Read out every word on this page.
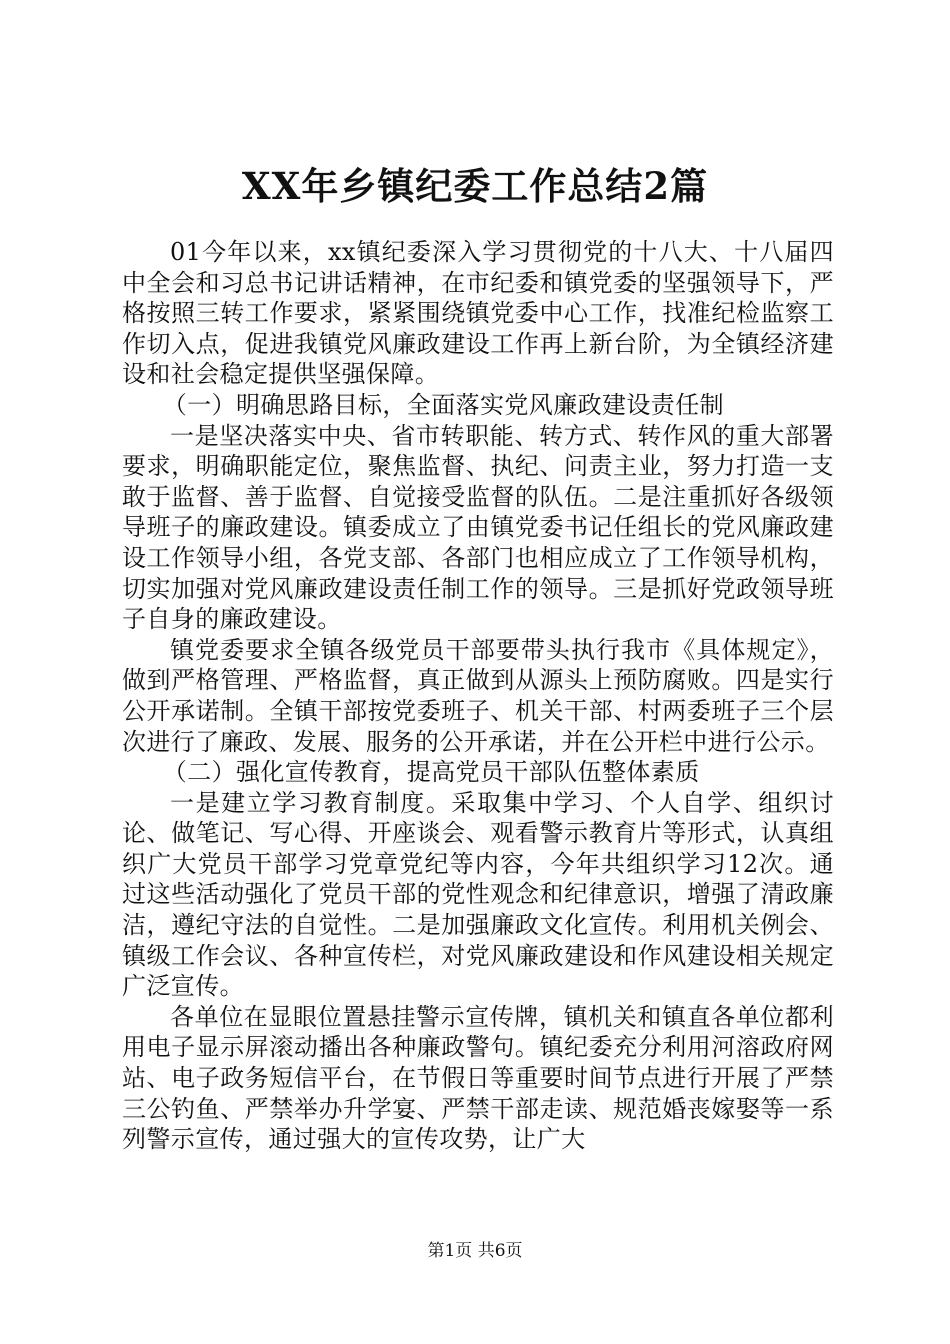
XX年乡镇纪委工作总结2篇

01今年以来，xx镇纪委深入学习贯彻党的十八大、十八届四中全会和习总书记讲话精神，在市纪委和镇党委的坚强领导下，严格按照三转工作要求，紧紧围绕镇党委中心工作，找准纪检监察工作切入点，促进我镇党风廉政建设工作再上新台阶，为全镇经济建设和社会稳定提供坚强保障。

（一）明确思路目标，全面落实党风廉政建设责任制

一是坚决落实中央、省市转职能、转方式、转作风的重大部署要求，明确职能定位，聚焦监督、执纪、问责主业，努力打造一支敢于监督、善于监督、自觉接受监督的队伍。二是注重抓好各级领导班子的廉政建设。镇委成立了由镇党委书记任组长的党风廉政建设工作领导小组，各党支部、各部门也相应成立了工作领导机构，切实加强对党风廉政建设责任制工作的领导。三是抓好党政领导班子自身的廉政建设。

镇党委要求全镇各级党员干部要带头执行我市《具体规定》，做到严格管理、严格监督，真正做到从源头上预防腐败。四是实行公开承诺制。全镇干部按党委班子、机关干部、村两委班子三个层次进行了廉政、发展、服务的公开承诺，并在公开栏中进行公示。

（二）强化宣传教育，提高党员干部队伍整体素质

一是建立学习教育制度。采取集中学习、个人自学、组织讨论、做笔记、写心得、开座谈会、观看警示教育片等形式，认真组织广大党员干部学习党章党纪等内容，今年共组织学习12次。通过这些活动强化了党员干部的党性观念和纪律意识，增强了清政廉洁，遵纪守法的自觉性。二是加强廉政文化宣传。利用机关例会、镇级工作会议、各种宣传栏，对党风廉政建设和作风建设相关规定广泛宣传。

各单位在显眼位置悬挂警示宣传牌，镇机关和镇直各单位都利用电子显示屏滚动播出各种廉政警句。镇纪委充分利用河溶政府网站、电子政务短信平台，在节假日等重要时间节点进行开展了严禁三公钓鱼、严禁举办升学宴、严禁干部走读、规范婚丧嫁娶等一系列警示宣传，通过强大的宣传攻势，让广大

第1页 共6页
